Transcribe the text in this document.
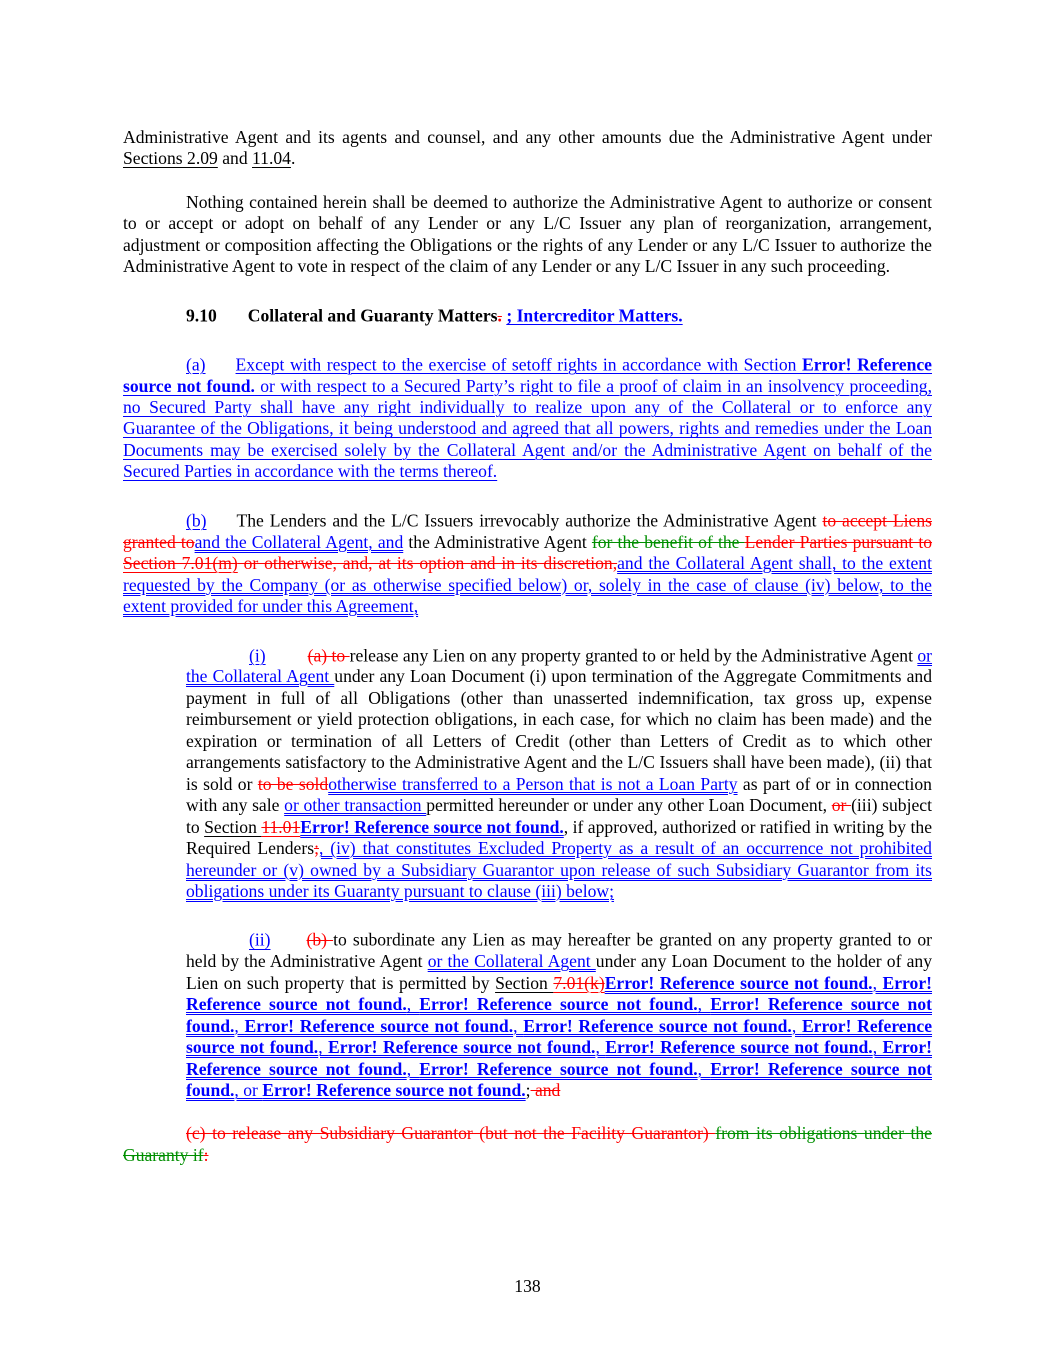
Administrative Agent and its agents and counsel, and any other amounts due the Administrative Agent under Sections 2.09 and 11.04.

Nothing contained herein shall be deemed to authorize the Administrative Agent to authorize or consent to or accept or adopt on behalf of any Lender or any L/C Issuer any plan of reorganization, arrangement, adjustment or composition affecting the Obligations or the rights of any Lender or any L/C Issuer to authorize the Administrative Agent to vote in respect of the claim of any Lender or any L/C Issuer in any such proceeding.

9.10 Collateral and Guaranty Matters. ; Intercreditor Matters.

(a) Except with respect to the exercise of setoff rights in accordance with Section Error! Reference source not found. or with respect to a Secured Party’s right to file a proof of claim in an insolvency proceeding, no Secured Party shall have any right individually to realize upon any of the Collateral or to enforce any Guarantee of the Obligations, it being understood and agreed that all powers, rights and remedies under the Loan Documents may be exercised solely by the Collateral Agent and/or the Administrative Agent on behalf of the Secured Parties in accordance with the terms thereof.

(b) The Lenders and the L/C Issuers irrevocably authorize the Administrative Agent to accept Liens granted toand the Collateral Agent, and the Administrative Agent for the benefit of the Lender Parties pursuant to Section 7.01(m) or otherwise, and, at its option and in its discretion,and the Collateral Agent shall, to the extent requested by the Company (or as otherwise specified below) or, solely in the case of clause (iv) below, to the extent provided for under this Agreement,

(i) (a) to release any Lien on any property granted to or held by the Administrative Agent or the Collateral Agent under any Loan Document (i) upon termination of the Aggregate Commitments and payment in full of all Obligations (other than unasserted indemnification, tax gross up, expense reimbursement or yield protection obligations, in each case, for which no claim has been made) and the expiration or termination of all Letters of Credit (other than Letters of Credit as to which other arrangements satisfactory to the Administrative Agent and the L/C Issuers shall have been made), (ii) that is sold or to be soldotherwise transferred to a Person that is not a Loan Party as part of or in connection with any sale or other transaction permitted hereunder or under any other Loan Document, or (iii) subject to Section 11.01Error! Reference source not found., if approved, authorized or ratified in writing by the Required Lenders;, (iv) that constitutes Excluded Property as a result of an occurrence not prohibited hereunder or (v) owned by a Subsidiary Guarantor upon release of such Subsidiary Guarantor from its obligations under its Guaranty pursuant to clause (iii) below;

(ii) (b) to subordinate any Lien as may hereafter be granted on any property granted to or held by the Administrative Agent or the Collateral Agent under any Loan Document to the holder of any Lien on such property that is permitted by Section 7.01(k)Error! Reference source not found., Error! Reference source not found., Error! Reference source not found., Error! Reference source not found., Error! Reference source not found., Error! Reference source not found., Error! Reference source not found., Error! Reference source not found., Error! Reference source not found., Error! Reference source not found., Error! Reference source not found., Error! Reference source not found., or Error! Reference source not found.; and

(c) to release any Subsidiary Guarantor (but not the Facility Guarantor) from its obligations under the Guaranty if:

138
